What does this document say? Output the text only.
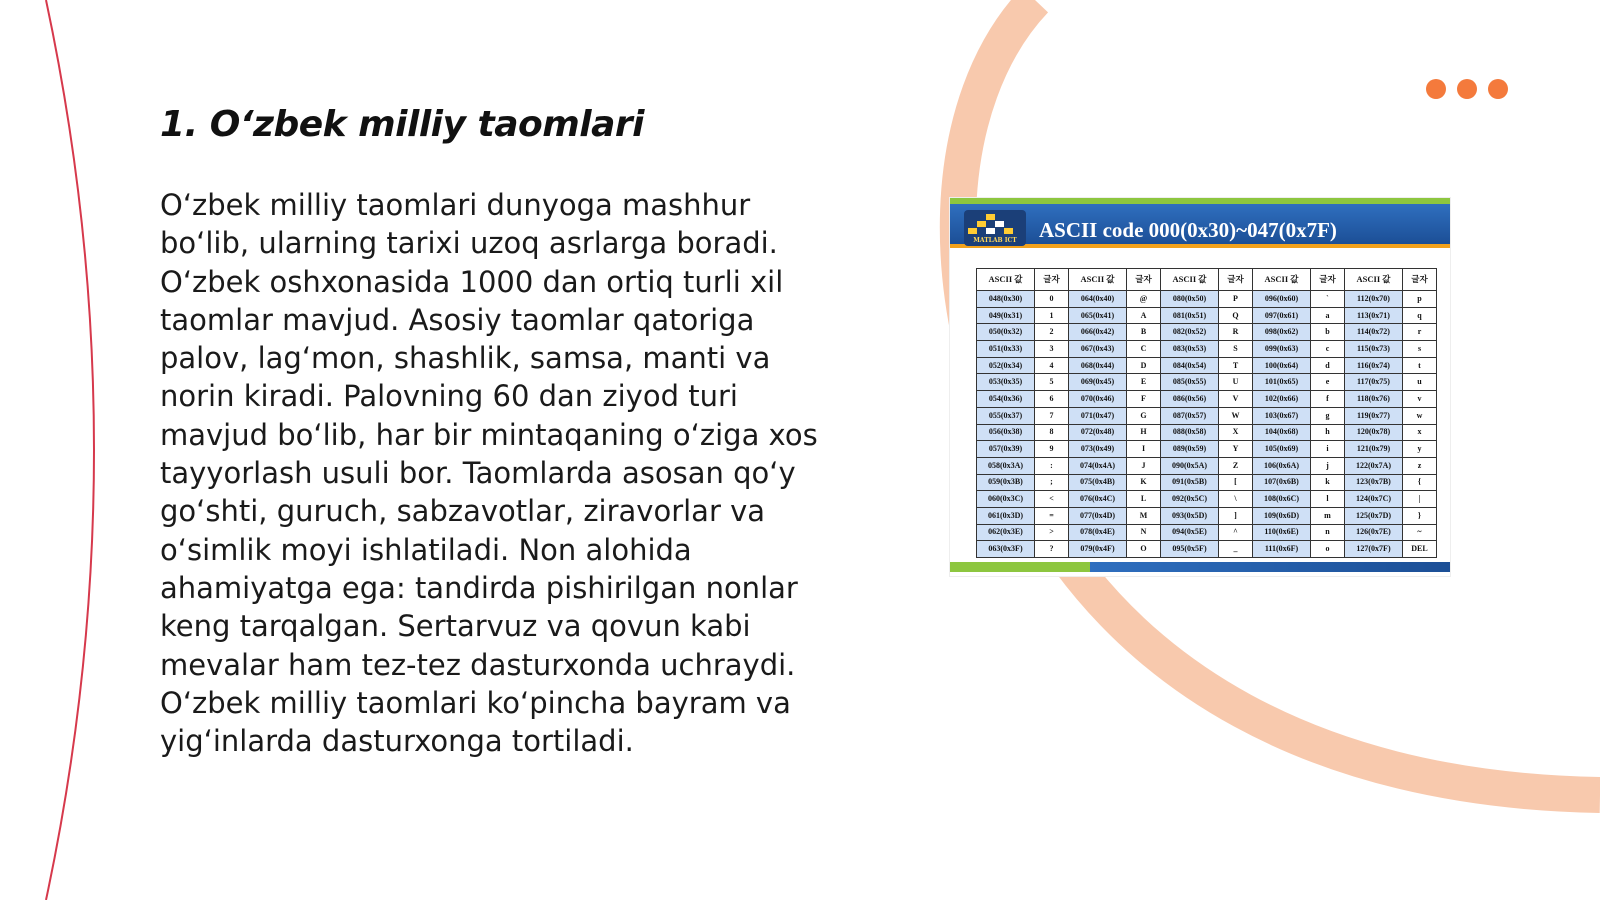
1. O‘zbek milliy taomlari
O‘zbek milliy taomlari dunyoga mashhur bo‘lib, ularning tarixi uzoq asrlarga boradi. O‘zbek oshxonasida 1000 dan ortiq turli xil taomlar mavjud. Asosiy taomlar qatoriga palov, lag‘mon, shashlik, samsa, manti va norin kiradi. Palovning 60 dan ziyod turi mavjud bo‘lib, har bir mintaqaning o‘ziga xos tayyorlash usuli bor. Taomlarda asosan qo‘y go‘shti, guruch, sabzavotlar, ziravorlar va o‘simlik moyi ishlatiladi. Non alohida ahamiyatga ega: tandirda pishirilgan nonlar keng tarqalgan. Sertarvuz va qovun kabi mevalar ham tez-tez dasturxonda uchraydi. O‘zbek milliy taomlari ko‘pincha bayram va yig‘inlarda dasturxonga tortiladi.
MATLAB ICT	ASCII code 000(0x30)~047(0x7F)
ASCII 값	글자	ASCII 값	글자	ASCII 값	글자	ASCII 값	글자	ASCII 값	글자
048(0x30)	0	064(0x40)	@	080(0x50)	P	096(0x60)	`	112(0x70)	p
049(0x31)	1	065(0x41)	A	081(0x51)	Q	097(0x61)	a	113(0x71)	q
050(0x32)	2	066(0x42)	B	082(0x52)	R	098(0x62)	b	114(0x72)	r
051(0x33)	3	067(0x43)	C	083(0x53)	S	099(0x63)	c	115(0x73)	s
052(0x34)	4	068(0x44)	D	084(0x54)	T	100(0x64)	d	116(0x74)	t
053(0x35)	5	069(0x45)	E	085(0x55)	U	101(0x65)	e	117(0x75)	u
054(0x36)	6	070(0x46)	F	086(0x56)	V	102(0x66)	f	118(0x76)	v
055(0x37)	7	071(0x47)	G	087(0x57)	W	103(0x67)	g	119(0x77)	w
056(0x38)	8	072(0x48)	H	088(0x58)	X	104(0x68)	h	120(0x78)	x
057(0x39)	9	073(0x49)	I	089(0x59)	Y	105(0x69)	i	121(0x79)	y
058(0x3A)	:	074(0x4A)	J	090(0x5A)	Z	106(0x6A)	j	122(0x7A)	z
059(0x3B)	;	075(0x4B)	K	091(0x5B)	[	107(0x6B)	k	123(0x7B)	{
060(0x3C)	<	076(0x4C)	L	092(0x5C)	\	108(0x6C)	l	124(0x7C)	|
061(0x3D)	=	077(0x4D)	M	093(0x5D)	]	109(0x6D)	m	125(0x7D)	}
062(0x3E)	>	078(0x4E)	N	094(0x5E)	^	110(0x6E)	n	126(0x7E)	~
063(0x3F)	?	079(0x4F)	O	095(0x5F)	_	111(0x6F)	o	127(0x7F)	DEL
